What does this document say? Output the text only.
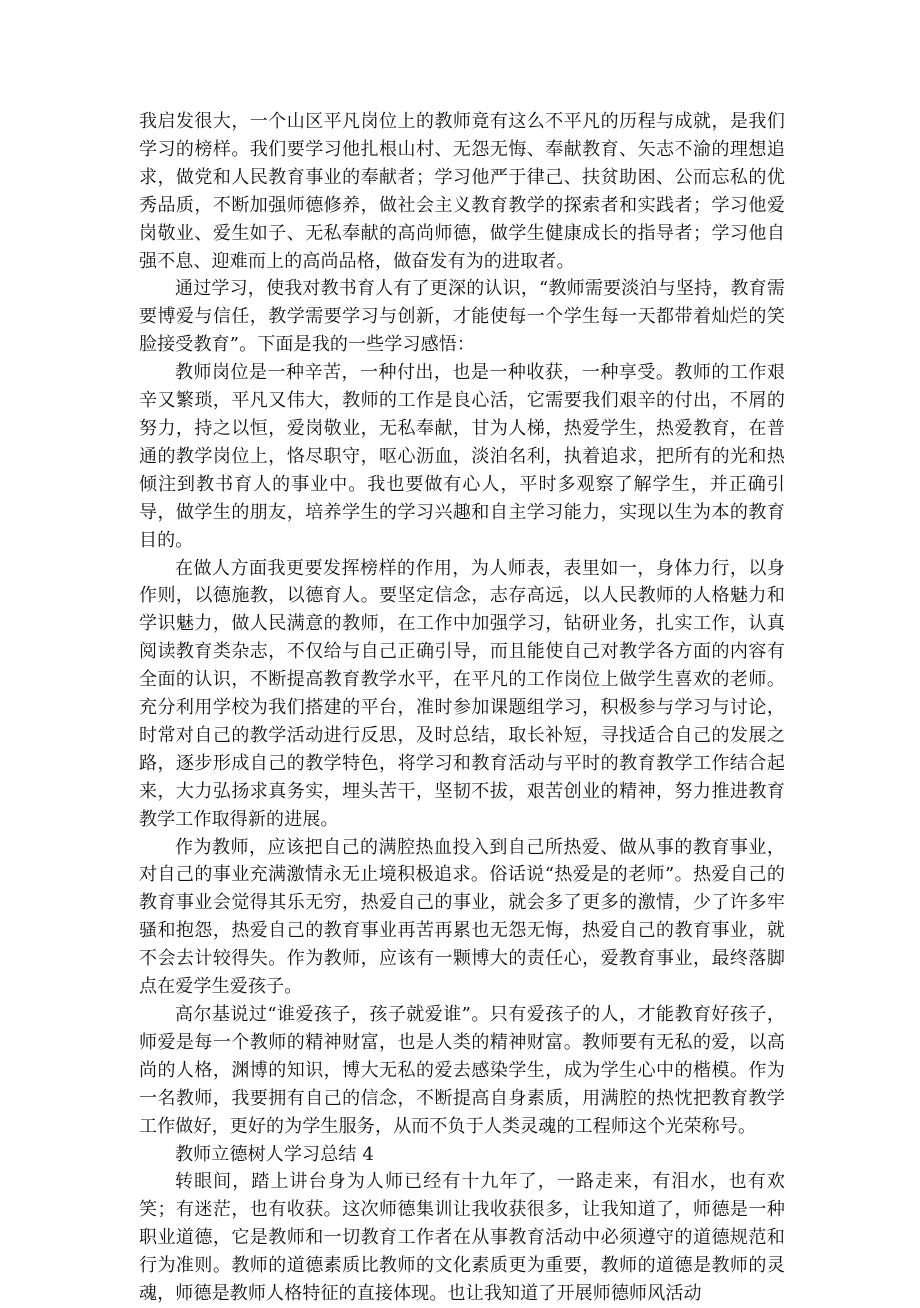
我启发很大，一个山区平凡岗位上的教师竟有这么不平凡的历程与成就，是我们学习的榜样。我们要学习他扎根山村、无怨无悔、奉献教育、矢志不渝的理想追求，做党和人民教育事业的奉献者；学习他严于律己、扶贫助困、公而忘私的优秀品质，不断加强师德修养，做社会主义教育教学的探索者和实践者；学习他爱岗敬业、爱生如子、无私奉献的高尚师德，做学生健康成长的指导者；学习他自强不息、迎难而上的高尚品格，做奋发有为的进取者。

通过学习，使我对教书育人有了更深的认识，“教师需要淡泊与坚持，教育需要博爱与信任，教学需要学习与创新，才能使每一个学生每一天都带着灿烂的笑脸接受教育”。下面是我的一些学习感悟：

教师岗位是一种辛苦，一种付出，也是一种收获，一种享受。教师的工作艰辛又繁琐，平凡又伟大，教师的工作是良心活，它需要我们艰辛的付出，不屑的努力，持之以恒，爱岗敬业，无私奉献，甘为人梯，热爱学生，热爱教育，在普通的教学岗位上，恪尽职守，呕心沥血，淡泊名利，执着追求，把所有的光和热倾注到教书育人的事业中。我也要做有心人，平时多观察了解学生，并正确引导，做学生的朋友，培养学生的学习兴趣和自主学习能力，实现以生为本的教育目的。

在做人方面我更要发挥榜样的作用，为人师表，表里如一，身体力行，以身作则，以德施教，以德育人。要坚定信念，志存高远，以人民教师的人格魅力和学识魅力，做人民满意的教师，在工作中加强学习，钻研业务，扎实工作，认真阅读教育类杂志，不仅给与自己正确引导，而且能使自己对教学各方面的内容有全面的认识，不断提高教育教学水平，在平凡的工作岗位上做学生喜欢的老师。充分利用学校为我们搭建的平台，准时参加课题组学习，积极参与学习与讨论，时常对自己的教学活动进行反思，及时总结，取长补短，寻找适合自己的发展之路，逐步形成自己的教学特色，将学习和教育活动与平时的教育教学工作结合起来，大力弘扬求真务实，埋头苦干，坚韧不拔，艰苦创业的精神，努力推进教育教学工作取得新的进展。

作为教师，应该把自己的满腔热血投入到自己所热爱、做从事的教育事业，对自己的事业充满激情永无止境积极追求。俗话说“热爱是的老师”。热爱自己的教育事业会觉得其乐无穷，热爱自己的事业，就会多了更多的激情，少了许多牢骚和抱怨，热爱自己的教育事业再苦再累也无怨无悔，热爱自己的教育事业，就不会去计较得失。作为教师，应该有一颗博大的责任心，爱教育事业，最终落脚点在爱学生爱孩子。

高尔基说过“谁爱孩子，孩子就爱谁”。只有爱孩子的人，才能教育好孩子，师爱是每一个教师的精神财富，也是人类的精神财富。教师要有无私的爱，以高尚的人格，渊博的知识，博大无私的爱去感染学生，成为学生心中的楷模。作为一名教师，我要拥有自己的信念，不断提高自身素质，用满腔的热忱把教育教学工作做好，更好的为学生服务，从而不负于人类灵魂的工程师这个光荣称号。

教师立德树人学习总结 4

转眼间，踏上讲台身为人师已经有十九年了，一路走来，有泪水，也有欢笑；有迷茫，也有收获。这次师德集训让我收获很多，让我知道了，师德是一种职业道德，它是教师和一切教育工作者在从事教育活动中必须遵守的道德规范和行为准则。教师的道德素质比教师的文化素质更为重要，教师的道德是教师的灵魂，师德是教师人格特征的直接体现。也让我知道了开展师德师风活动
